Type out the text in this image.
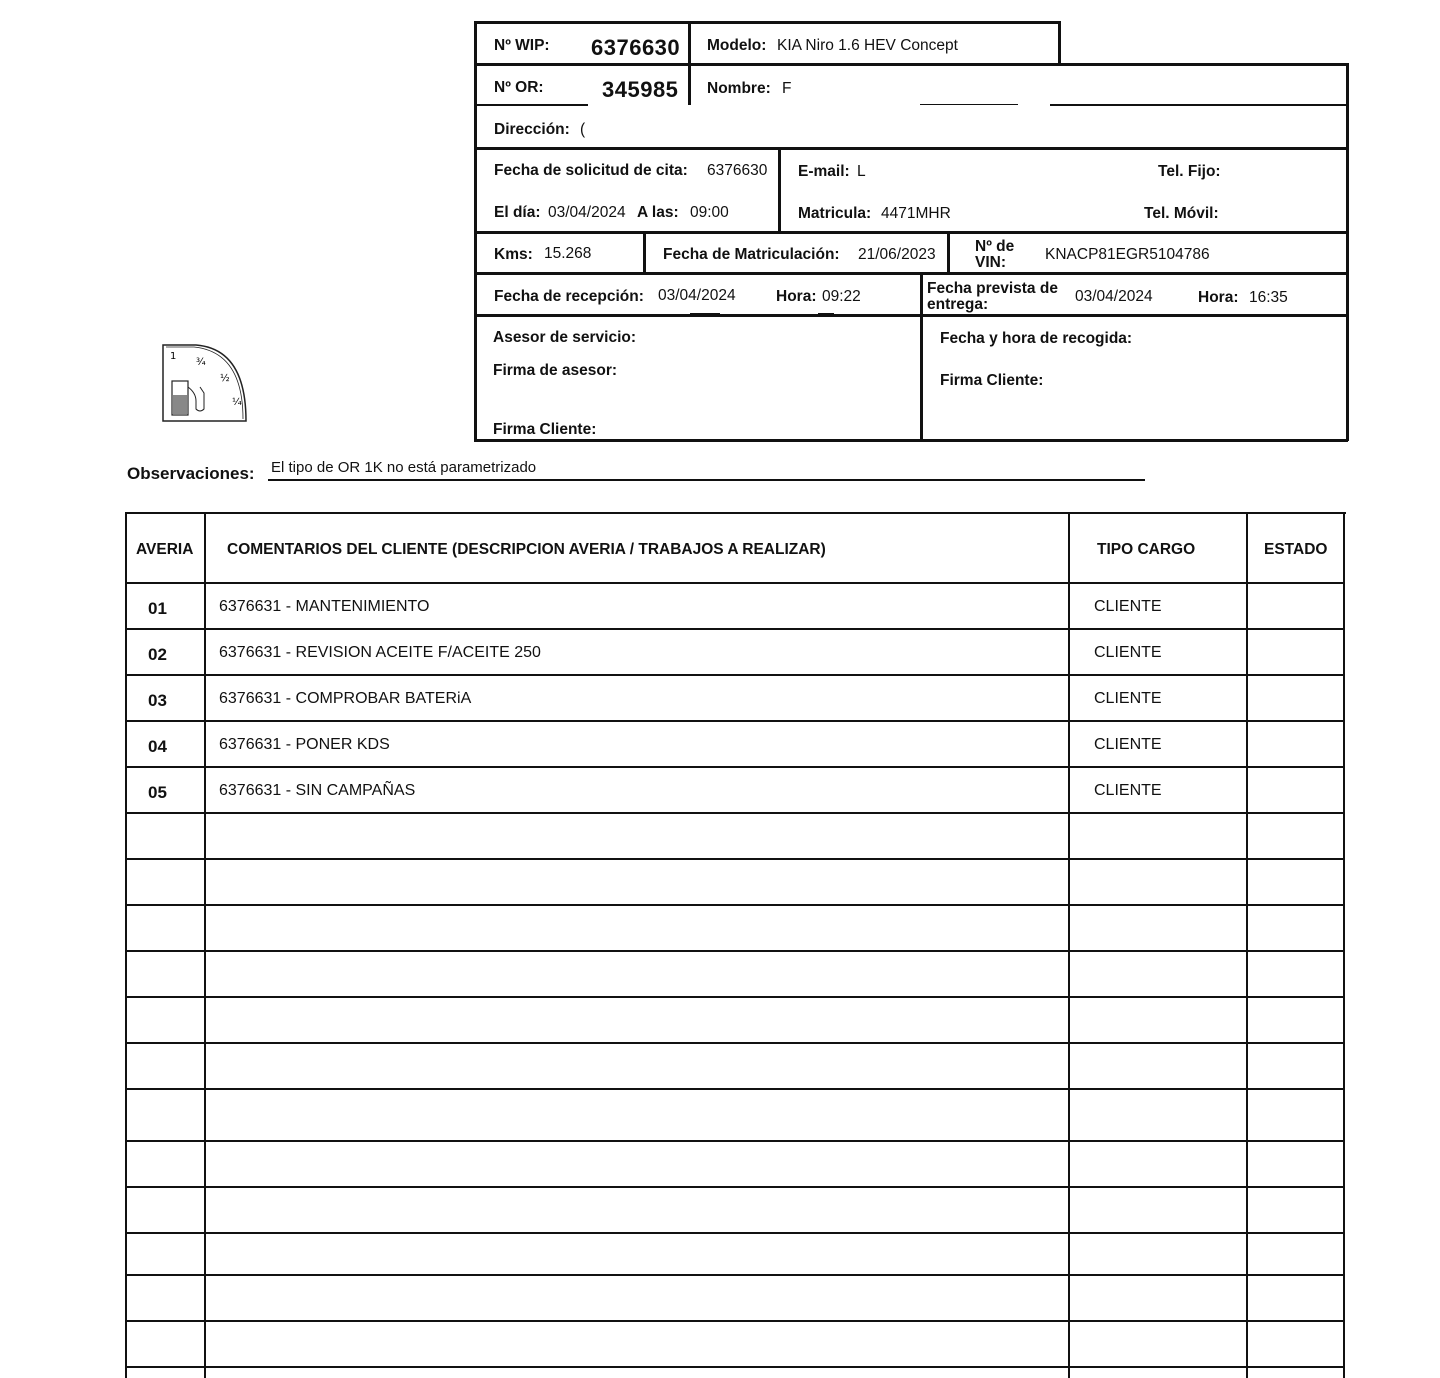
Nº WIP: 6376630 Modelo: KIA Niro 1.6 HEV Concept
Nº OR:	345985 Nombre: F
Dirección: (
Fecha de solicitud de cita: 6376630 E-mail: L	Tel. Fijo:
El día: 03/04/2024 A las: 09:00	Matricula: 4471MHR	Tel. Móvil:
Kms: 15.268	Fecha de Matriculación: 21/06/2023	Nº de
VIN:	KNACP81EGR5104786
Fecha de recepción: 03/04/2024	Hora: 09:22	Fecha prevista de
entrega:	03/04/2024	Hora: 16:35
Asesor de servicio:
Firma de asesor:
Firma Cliente:
Fecha y hora de recogida:
Firma Cliente:
1
¾
½
¼
Observaciones: El tipo de OR 1K no está parametrizado
AVERIA COMENTARIOS DEL CLIENTE (DESCRIPCION AVERIA / TRABAJOS A REALIZAR)	TIPO CARGO	ESTADO
01	6376631 - MANTENIMIENTO	CLIENTE
02	6376631 - REVISION ACEITE F/ACEITE 250	CLIENTE
03	6376631 - COMPROBAR BATERiA	CLIENTE
04	6376631 - PONER KDS	CLIENTE
05	6376631 - SIN CAMPAÑAS	CLIENTE
